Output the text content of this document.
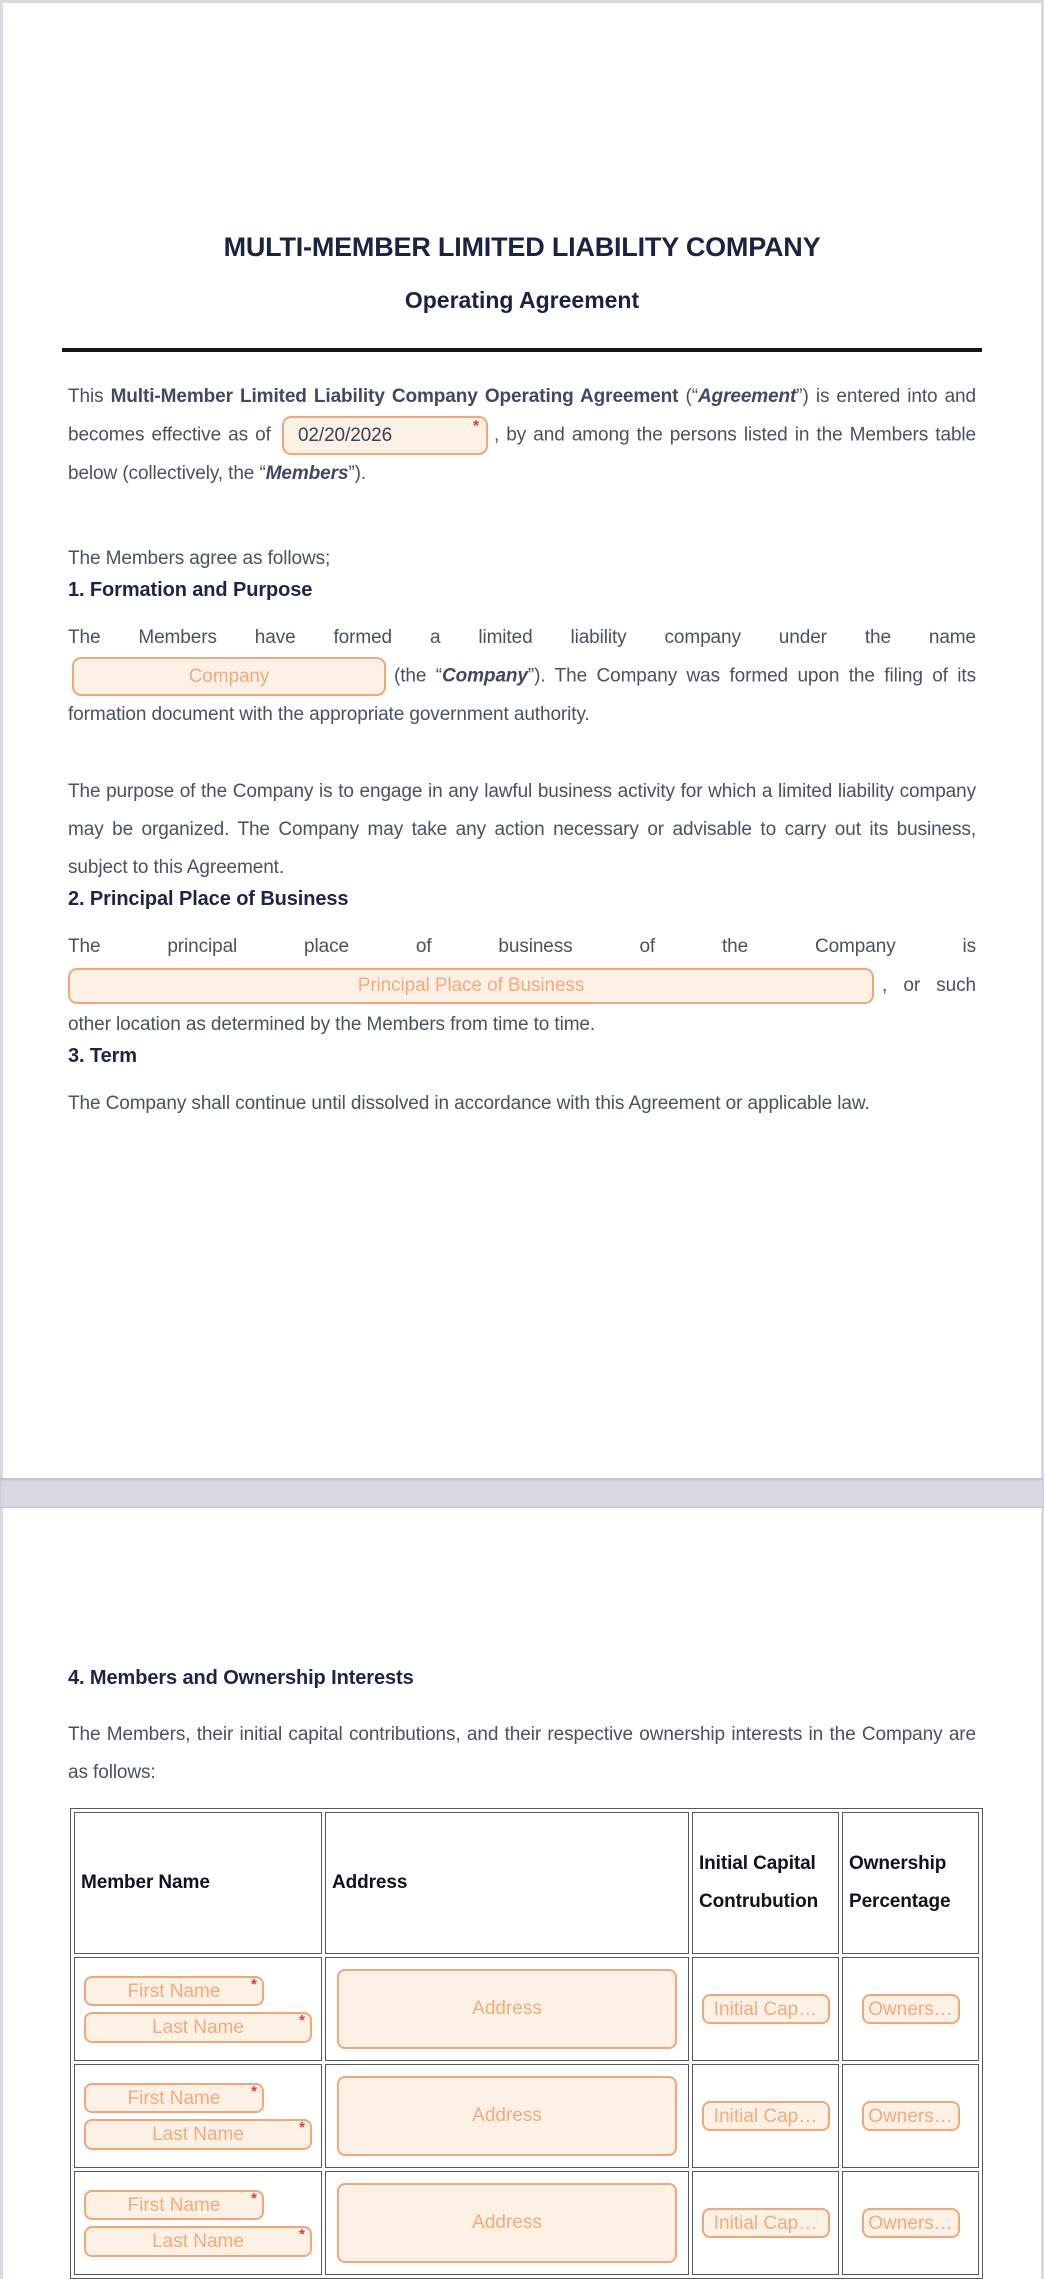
MULTI-MEMBER LIMITED LIABILITY COMPANY
Operating Agreement

This Multi-Member Limited Liability Company Operating Agreement (“Agreement”) is entered into and becomes effective as of 02/20/2026	* , by and among the persons listed in the Members table below (collectively, the “Members”).

The Members agree as follows;

1. Formation and Purpose

The Members have formed a limited liability company under the name Company	(the “Company”). The Company was formed upon the filing of its formation document with the appropriate government authority.

The purpose of the Company is to engage in any lawful business activity for which a limited liability company may be organized. The Company may take any action necessary or advisable to carry out its business, subject to this Agreement.

2. Principal Place of Business

The principal place of business of the Company is Principal Place of Business	, or such other location as determined by the Members from time to time.

3. Term

The Company shall continue until dissolved in accordance with this Agreement or applicable law.

4. Members and Ownership Interests

The Members, their initial capital contributions, and their respective ownership interests in the Company are as follows:

Member Name	Address	Initial Capital Contrubution	Ownership Percentage

First Name *
Last Name *	Address	Initial Cap…	Owners…

First Name *
Last Name *	Address	Initial Cap…	Owners…

First Name *
Last Name *	Address	Initial Cap…	Owners…
